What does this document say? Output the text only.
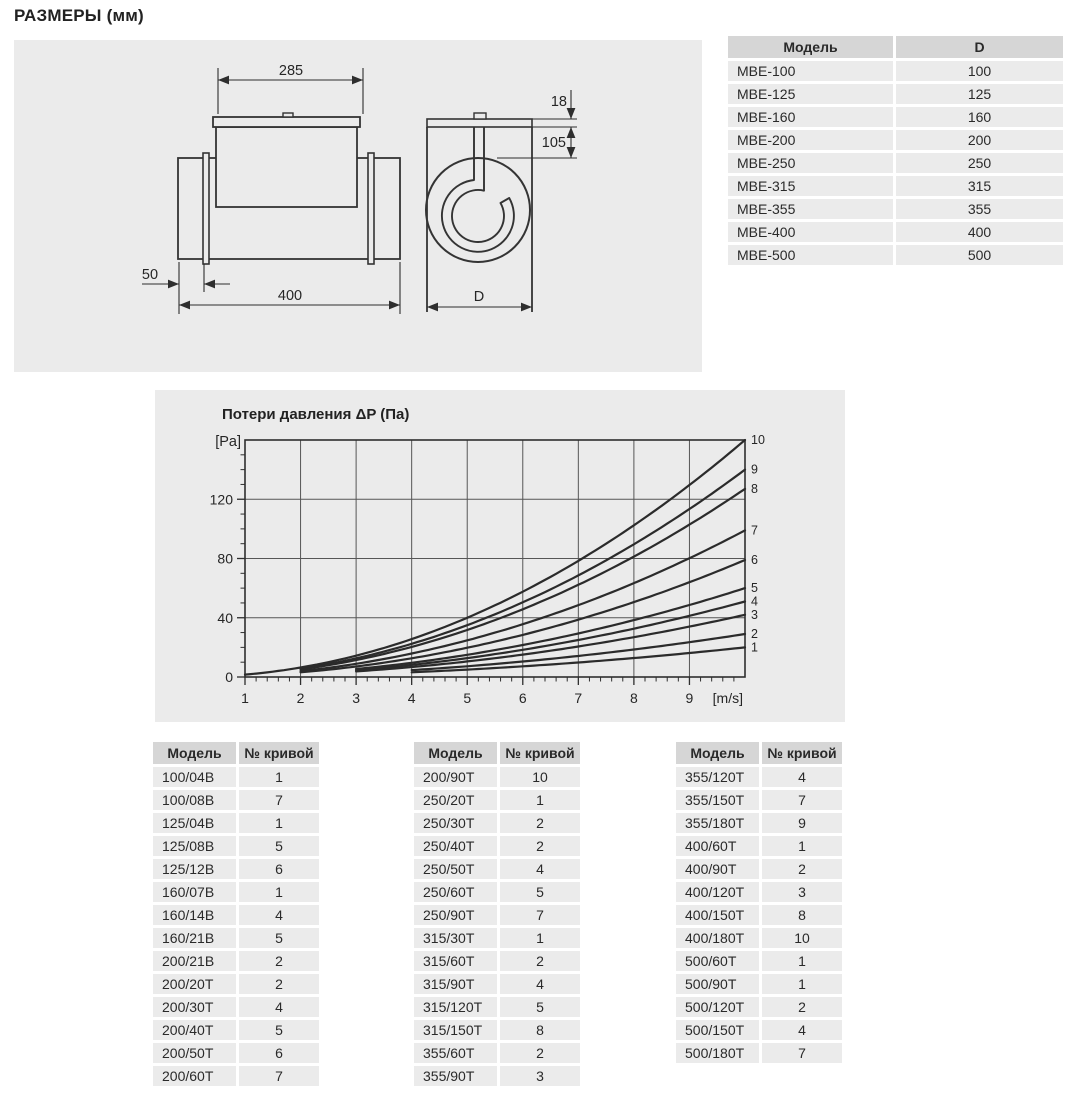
РАЗМЕРЫ (мм)
285
50
400
18
105
D
Модель	D
MBE-100	100
MBE-125	125
MBE-160	160
MBE-200	200
MBE-250	250
MBE-315	315
MBE-355	355
MBE-400	400
MBE-500	500
Потери давления ΔP (Па)
1	2	3	4	5	6	7	8	9 [m/s]
0
40
80
120
[Pa]
1
2
3
4
5
6
7
8
9
10
Модель	№ кривой
100/04B	1
100/08B	7
125/04B	1
125/08B	5
125/12B	6
160/07B	1
160/14B	4
160/21B	5
200/21B	2
200/20T	2
200/30T	4
200/40T	5
200/50T	6
200/60T	7
Модель	№ кривой
200/90T	10
250/20T	1
250/30T	2
250/40T	2
250/50T	4
250/60T	5
250/90T	7
315/30T	1
315/60T	2
315/90T	4
315/120T	5
315/150T	8
355/60T	2
355/90T	3
Модель	№ кривой
355/120T	4
355/150T	7
355/180T	9
400/60T	1
400/90T	2
400/120T	3
400/150T	8
400/180T	10
500/60T	1
500/90T	1
500/120T	2
500/150T	4
500/180T	7
